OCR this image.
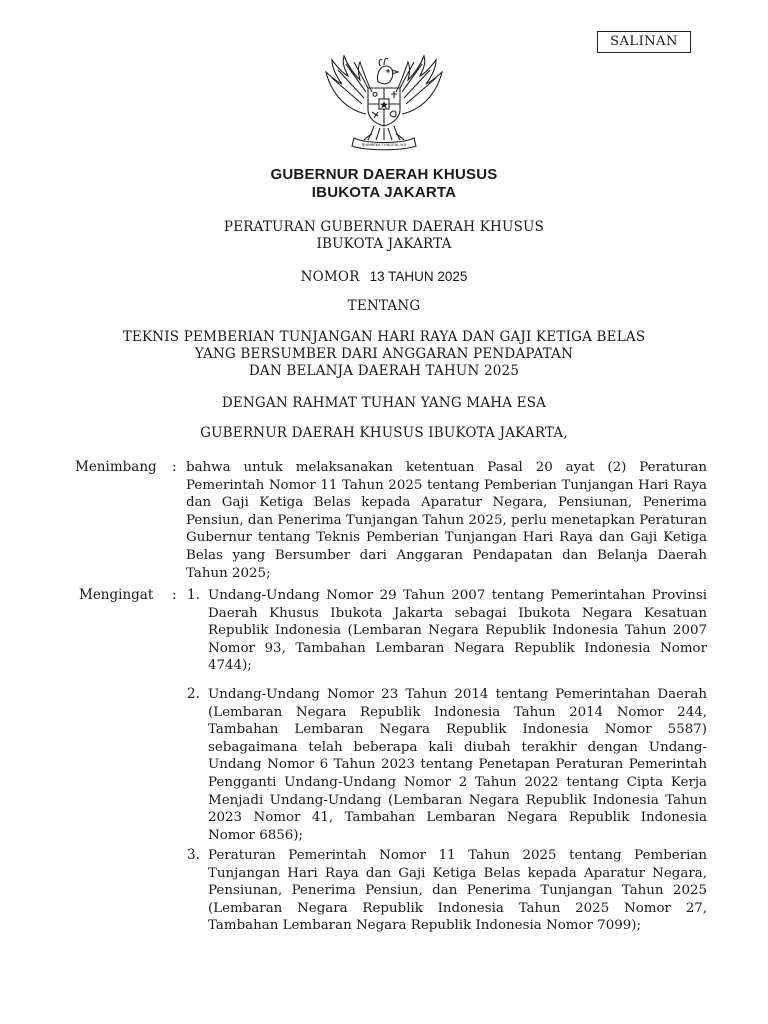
SALINAN
BHINNEKA TUNGGAL IKA
GUBERNUR DAERAH KHUSUS
IBUKOTA JAKARTA
PERATURAN GUBERNUR DAERAH KHUSUS
IBUKOTA JAKARTA
NOMOR 13 TAHUN 2025
TENTANG
TEKNIS PEMBERIAN TUNJANGAN HARI RAYA DAN GAJI KETIGA BELAS
YANG BERSUMBER DARI ANGGARAN PENDAPATAN
DAN BELANJA DAERAH TAHUN 2025
DENGAN RAHMAT TUHAN YANG MAHA ESA
GUBERNUR DAERAH KHUSUS IBUKOTA JAKARTA,
Menimbang : bahwa untuk melaksanakan ketentuan Pasal 20 ayat (2) Peraturan Pemerintah Nomor 11 Tahun 2025 tentang Pemberian Tunjangan Hari Raya dan Gaji Ketiga Belas kepada Aparatur Negara, Pensiunan, Penerima Pensiun, dan Penerima Tunjangan Tahun 2025, perlu menetapkan Peraturan Gubernur tentang Teknis Pemberian Tunjangan Hari Raya dan Gaji Ketiga Belas yang Bersumber dari Anggaran Pendapatan dan Belanja Daerah Tahun 2025;

Mengingat : 1. Undang-Undang Nomor 29 Tahun 2007 tentang Pemerintahan Provinsi Daerah Khusus Ibukota Jakarta sebagai Ibukota Negara Kesatuan Republik Indonesia (Lembaran Negara Republik Indonesia Tahun 2007 Nomor 93, Tambahan Lembaran Negara Republik Indonesia Nomor 4744);

2. Undang-Undang Nomor 23 Tahun 2014 tentang Pemerintahan Daerah (Lembaran Negara Republik Indonesia Tahun 2014 Nomor 244, Tambahan Lembaran Negara Republik Indonesia Nomor 5587) sebagaimana telah beberapa kali diubah terakhir dengan Undang-Undang Nomor 6 Tahun 2023 tentang Penetapan Peraturan Pemerintah Pengganti Undang-Undang Nomor 2 Tahun 2022 tentang Cipta Kerja Menjadi Undang-Undang (Lembaran Negara Republik Indonesia Tahun 2023 Nomor 41, Tambahan Lembaran Negara Republik Indonesia Nomor 6856);

3. Peraturan Pemerintah Nomor 11 Tahun 2025 tentang Pemberian Tunjangan Hari Raya dan Gaji Ketiga Belas kepada Aparatur Negara, Pensiunan, Penerima Pensiun, dan Penerima Tunjangan Tahun 2025 (Lembaran Negara Republik Indonesia Tahun 2025 Nomor 27, Tambahan Lembaran Negara Republik Indonesia Nomor 7099);
